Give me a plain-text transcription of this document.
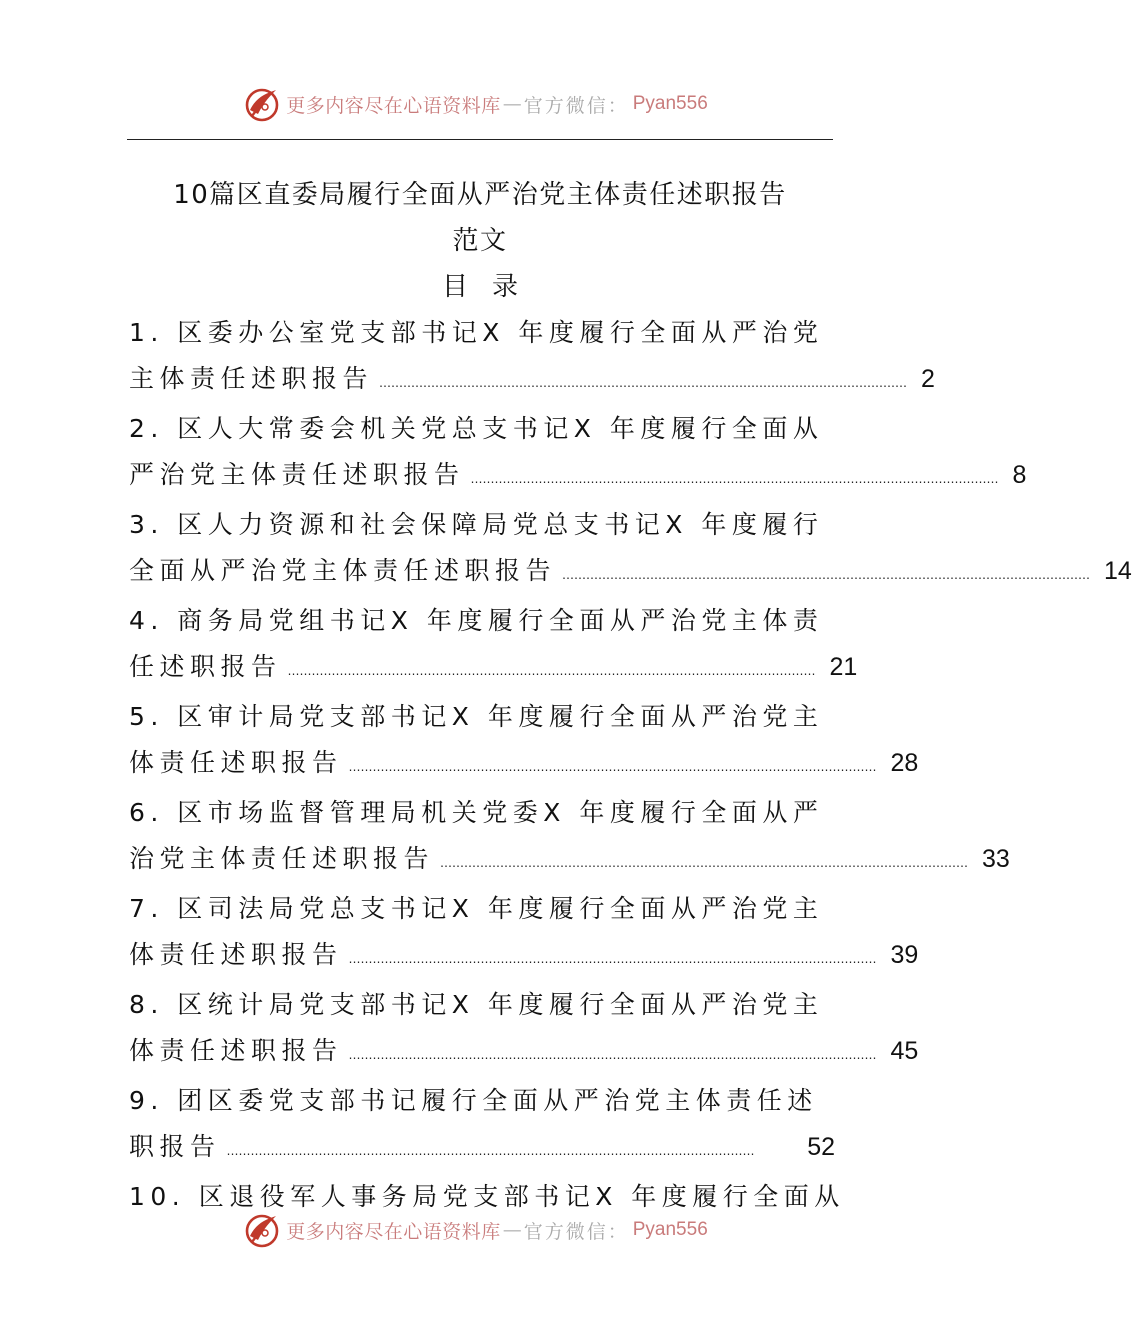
更多内容尽在心语资料库 — 官方微信： Pyan556
10篇区直委局履行全面从严治党主体责任述职报告
范文
目录
1. 区委办公室党支部书记X 年度履行全面从严治党
主体责任述职报告 …………………………………………………………………………………………………………………… 2
2. 区人大常委会机关党总支书记X 年度履行全面从
严治党主体责任述职报告 …………………………………………………………………………………………………………………… 8
3. 区人力资源和社会保障局党总支书记X 年度履行
全面从严治党主体责任述职报告 …………………………………………………………………………………………………………………… 14
4. 商务局党组书记X 年度履行全面从严治党主体责
任述职报告 …………………………………………………………………………………………………………………… 21
5. 区审计局党支部书记X 年度履行全面从严治党主
体责任述职报告 …………………………………………………………………………………………………………………… 28
6. 区市场监督管理局机关党委X 年度履行全面从严
治党主体责任述职报告 …………………………………………………………………………………………………………………… 33
7. 区司法局党总支书记X 年度履行全面从严治党主
体责任述职报告 …………………………………………………………………………………………………………………… 39
8. 区统计局党支部书记X 年度履行全面从严治党主
体责任述职报告 …………………………………………………………………………………………………………………… 45
9. 团区委党支部书记履行全面从严治党主体责任述
职报告 ……………………………………………………………………………………………………………………	52
10. 区退役军人事务局党支部书记X 年度履行全面从
更多内容尽在心语资料库 — 官方微信： Pyan556
